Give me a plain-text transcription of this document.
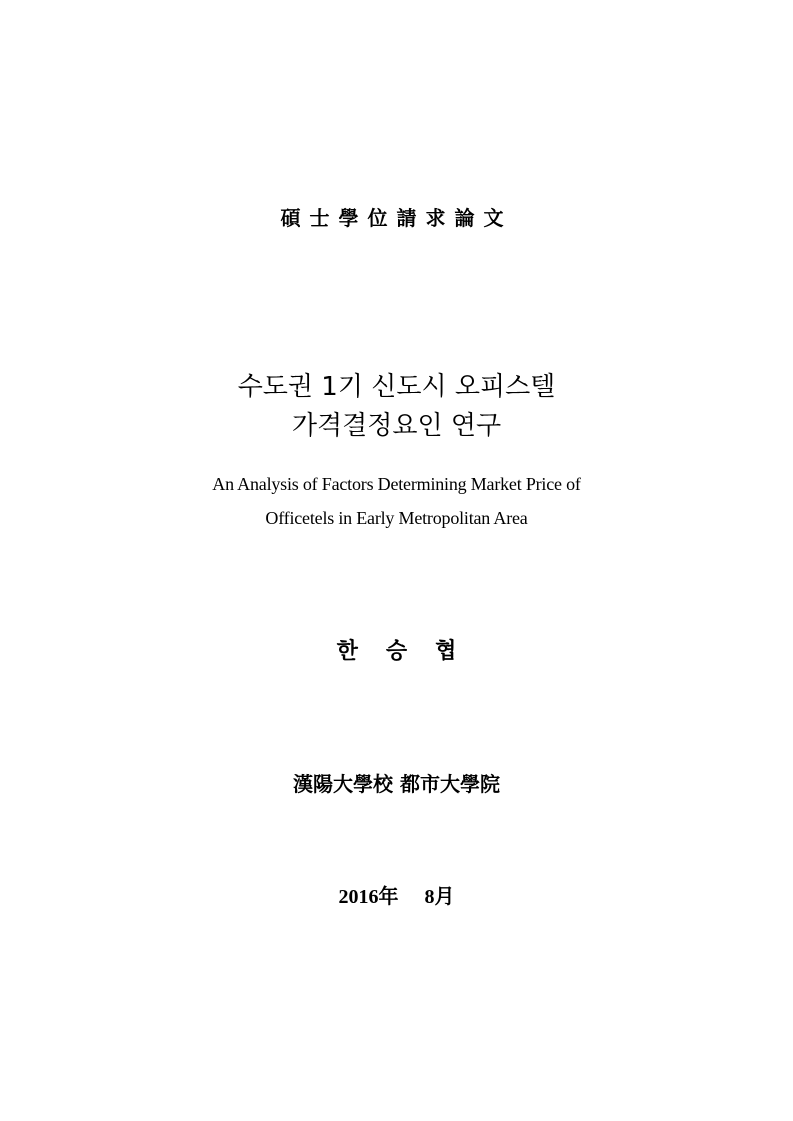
碩士學位請求論文
수도권 1기 신도시 오피스텔
가격결정요인 연구
An Analysis of Factors Determining Market Price of
Officetels in Early Metropolitan Area
한승협
漢陽大學校 都市大學院
2016年 8月
